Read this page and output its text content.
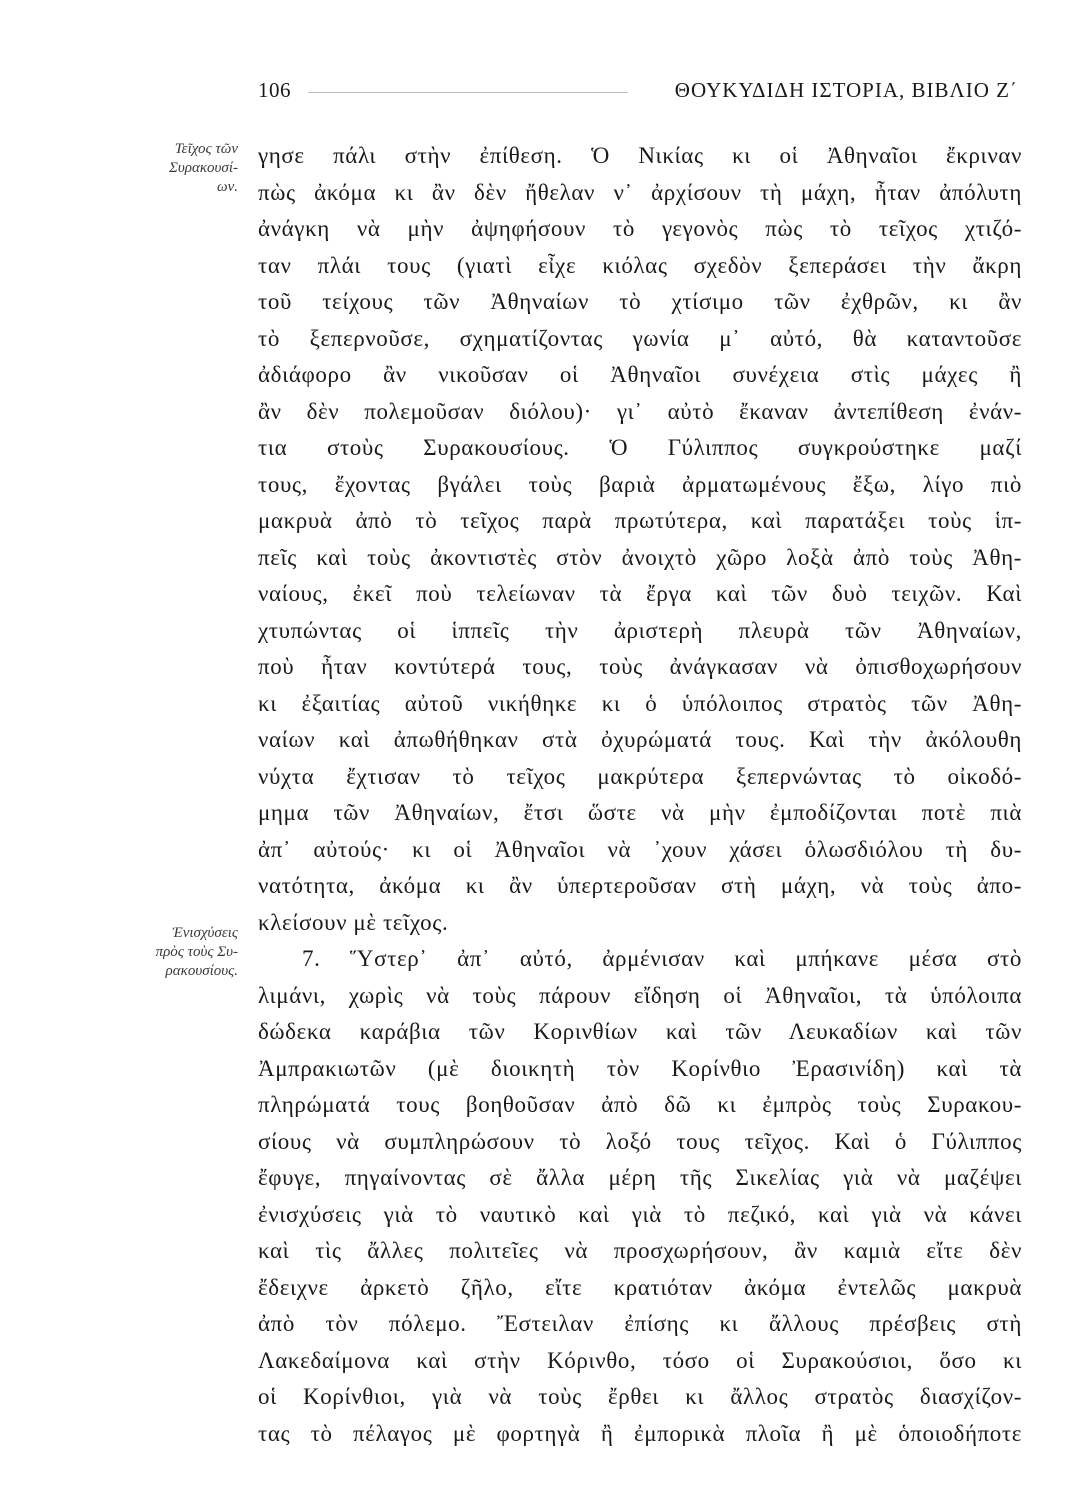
106	ΘΟΥΚΥΔΙΔΗ ΙΣΤΟΡΙΑ, ΒΙΒΛΙΟ Ζ΄
Τεῖχος τῶν
Συρακουσί-
ων.
Ἐνισχύσεις
πρὸς τοὺς Συ-
ρακουσίους.
γησε πάλι στὴν ἐπίθεση. Ὁ Νικίας κι οἱ Ἀθηναῖοι ἔκριναν
πὼς ἀκόμα κι ἂν δὲν ἤθελαν ν᾽ ἀρχίσουν τὴ μάχη, ἦταν ἀπόλυτη
ἀνάγκη νὰ μὴν ἀψηφήσουν τὸ γεγονὸς πὼς τὸ τεῖχος χτιζό-
ταν πλάι τους (γιατὶ εἶχε κιόλας σχεδὸν ξεπεράσει τὴν ἄκρη
τοῦ τείχους τῶν Ἀθηναίων τὸ χτίσιμο τῶν ἐχθρῶν, κι ἂν
τὸ ξεπερνοῦσε, σχηματίζοντας γωνία μ᾽ αὐτό, θὰ καταντοῦσε
ἀδιάφορο ἂν νικοῦσαν οἱ Ἀθηναῖοι συνέχεια στὶς μάχες ἢ
ἂν δὲν πολεμοῦσαν διόλου)· γι᾽ αὐτὸ ἔκαναν ἀντεπίθεση ἐνάν-
τια στοὺς Συρακουσίους. Ὁ Γύλιππος συγκρούστηκε μαζί
τους, ἔχοντας βγάλει τοὺς βαριὰ ἀρματωμένους ἔξω, λίγο πιὸ
μακρυὰ ἀπὸ τὸ τεῖχος παρὰ πρωτύτερα, καὶ παρατάξει τοὺς ἱπ-
πεῖς καὶ τοὺς ἀκοντιστὲς στὸν ἀνοιχτὸ χῶρο λοξὰ ἀπὸ τοὺς Ἀθη-
ναίους, ἐκεῖ ποὺ τελείωναν τὰ ἔργα καὶ τῶν δυὸ τειχῶν. Καὶ
χτυπώντας οἱ ἱππεῖς τὴν ἀριστερὴ πλευρὰ τῶν Ἀθηναίων,
ποὺ ἦταν κοντύτερά τους, τοὺς ἀνάγκασαν νὰ ὀπισθοχωρήσουν
κι ἐξαιτίας αὐτοῦ νικήθηκε κι ὁ ὑπόλοιπος στρατὸς τῶν Ἀθη-
ναίων καὶ ἀπωθήθηκαν στὰ ὀχυρώματά τους. Καὶ τὴν ἀκόλουθη
νύχτα ἔχτισαν τὸ τεῖχος μακρύτερα ξεπερνώντας τὸ οἰκοδό-
μημα τῶν Ἀθηναίων, ἔτσι ὥστε νὰ μὴν ἐμποδίζονται ποτὲ πιὰ
ἀπ᾽ αὐτούς· κι οἱ Ἀθηναῖοι νὰ ᾽χουν χάσει ὁλωσδιόλου τὴ δυ-
νατότητα, ἀκόμα κι ἂν ὑπερτεροῦσαν στὴ μάχη, νὰ τοὺς ἀπο-
κλείσουν μὲ τεῖχος.
7. Ὕστερ᾽ ἀπ᾽ αὐτό, ἀρμένισαν καὶ μπήκανε μέσα στὸ
λιμάνι, χωρὶς νὰ τοὺς πάρουν εἴδηση οἱ Ἀθηναῖοι, τὰ ὑπόλοιπα
δώδεκα καράβια τῶν Κορινθίων καὶ τῶν Λευκαδίων καὶ τῶν
Ἀμπρακιωτῶν (μὲ διοικητὴ τὸν Κορίνθιο Ἐρασινίδη) καὶ τὰ
πληρώματά τους βοηθοῦσαν ἀπὸ δῶ κι ἐμπρὸς τοὺς Συρακου-
σίους νὰ συμπληρώσουν τὸ λοξό τους τεῖχος. Καὶ ὁ Γύλιππος
ἔφυγε, πηγαίνοντας σὲ ἄλλα μέρη τῆς Σικελίας γιὰ νὰ μαζέψει
ἐνισχύσεις γιὰ τὸ ναυτικὸ καὶ γιὰ τὸ πεζικό, καὶ γιὰ νὰ κάνει
καὶ τὶς ἄλλες πολιτεῖες νὰ προσχωρήσουν, ἂν καμιὰ εἴτε δὲν
ἔδειχνε ἀρκετὸ ζῆλο, εἴτε κρατιόταν ἀκόμα ἐντελῶς μακρυὰ
ἀπὸ τὸν πόλεμο. Ἔστειλαν ἐπίσης κι ἄλλους πρέσβεις στὴ
Λακεδαίμονα καὶ στὴν Κόρινθο, τόσο οἱ Συρακούσιοι, ὅσο κι
οἱ Κορίνθιοι, γιὰ νὰ τοὺς ἔρθει κι ἄλλος στρατὸς διασχίζον-
τας τὸ πέλαγος μὲ φορτηγὰ ἢ ἐμπορικὰ πλοῖα ἢ μὲ ὁποιοδήποτε
